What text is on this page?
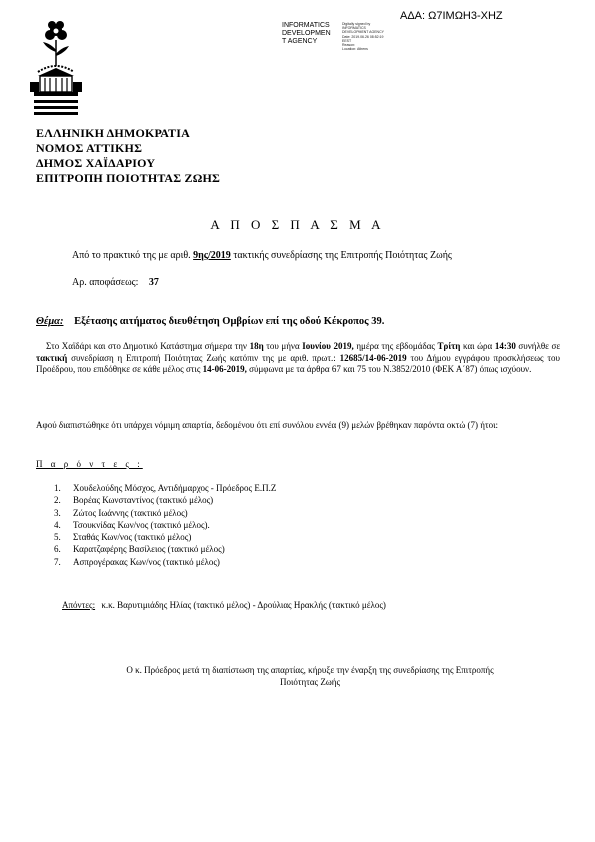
ΑΔΑ: Ω7ΙΜΩΗ3-ΧΗΖ
INFORMATICS
DEVELOPMEN
T AGENCY
Digitally signed by
INFORMATICS
DEVELOPMENT AGENCY
Date: 2019.06.26 08:52:19
EEST
Reason:
Location: Athens
ΕΛΛΗΝΙΚΗ ΔΗΜΟΚΡΑΤΙΑ
ΝΟΜΟΣ ΑΤΤΙΚΗΣ
ΔΗΜΟΣ ΧΑΪΔΑΡΙΟΥ
ΕΠΙΤΡΟΠΗ ΠΟΙΟΤΗΤΑΣ ΖΩΗΣ
Α Π Ο Σ Π Α Σ Μ Α
Από το πρακτικό της με αριθ. 9ης/2019 τακτικής συνεδρίασης της Επιτροπής Ποιότητας Ζωής
Αρ. αποφάσεως: 37
Θέμα: Εξέτασης αιτήματος διευθέτηση Ομβρίων επί της οδού Κέκροπος 39.
Στο Χαϊδάρι και στο Δημοτικό Κατάστημα σήμερα την 18η του μήνα Ιουνίου 2019, ημέρα της εβδομάδας Τρίτη και ώρα 14:30 συνήλθε σε τακτική συνεδρίαση η Επιτροπή Ποιότητας Ζωής κατόπιν της με αριθ. πρωτ.: 12685/14-06-2019 του Δήμου εγγράφου προσκλήσεως του Προέδρου, που επιδόθηκε σε κάθε μέλος στις 14-06-2019, σύμφωνα με τα άρθρα 67 και 75 του Ν.3852/2010 (ΦΕΚ Α΄87) όπως ισχύουν.
Αφού διαπιστώθηκε ότι υπάρχει νόμιμη απαρτία, δεδομένου ότι επί συνόλου εννέα (9) μελών βρέθηκαν παρόντα οκτώ (7) ήτοι:
Π α ρ ό ν τ ε ς :
1. Χουδελούδης Μόσχος, Αντιδήμαρχος - Πρόεδρος Ε.Π.Ζ
2. Βορέας Κωνσταντίνος (τακτικό μέλος)
3. Ζώτος Ιωάννης (τακτικό μέλος)
4. Τσουκνίδας Κων/νος (τακτικό μέλος).
5. Σταθάς Κων/νος (τακτικό μέλος)
6. Καρατζαφέρης Βασίλειος (τακτικό μέλος)
7. Ασπρογέρακας Κων/νος (τακτικό μέλος)
Απόντες: κ.κ. Βαρυτιμιάδης Ηλίας (τακτικό μέλος) - Δρούλιας Ηρακλής (τακτικό μέλος)
Ο κ. Πρόεδρος μετά τη διαπίστωση της απαρτίας, κήρυξε την έναρξη της συνεδρίασης της Επιτροπής
Ποιότητας Ζωής
